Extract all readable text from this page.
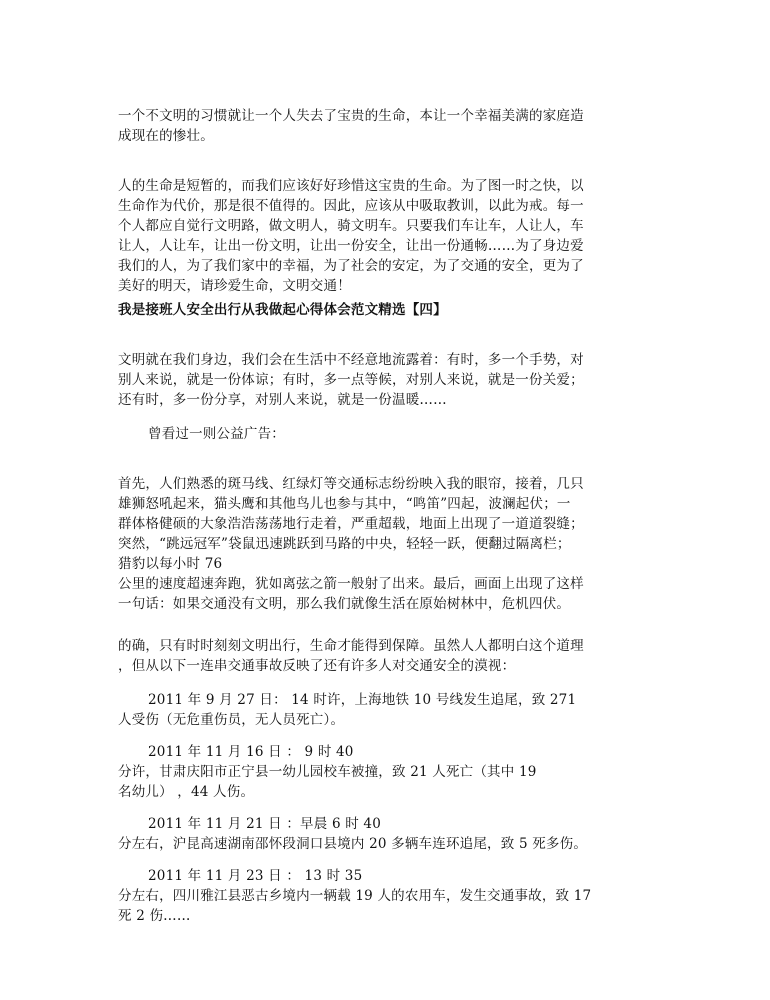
一个不文明的习惯就让一个人失去了宝贵的生命，本让一个幸福美满的家庭造
成现在的惨壮。
人的生命是短暂的，而我们应该好好珍惜这宝贵的生命。为了图一时之快，以
生命作为代价，那是很不值得的。因此，应该从中吸取教训，以此为戒。每一
个人都应自觉行文明路，做文明人，骑文明车。只要我们车让车，人让人，车
让人，人让车，让出一份文明，让出一份安全，让出一份通畅……为了身边爱
我们的人，为了我们家中的幸福，为了社会的安定，为了交通的安全，更为了
美好的明天，请珍爱生命，文明交通！
我是接班人安全出行从我做起心得体会范文精选【四】
文明就在我们身边，我们会在生活中不经意地流露着：有时，多一个手势，对
别人来说，就是一份体谅；有时，多一点等候，对别人来说，就是一份关爱；
还有时，多一份分享，对别人来说，就是一份温暖……
曾看过一则公益广告：
首先，人们熟悉的斑马线、红绿灯等交通标志纷纷映入我的眼帘，接着，几只
雄狮怒吼起来，猫头鹰和其他鸟儿也参与其中，“鸣笛”四起，波澜起伏；一
群体格健硕的大象浩浩荡荡地行走着，严重超载，地面上出现了一道道裂缝；
突然，“跳远冠军”袋鼠迅速跳跃到马路的中央，轻轻一跃，便翻过隔离栏；
猎豹以每小时 76
公里的速度超速奔跑，犹如离弦之箭一般射了出来。最后，画面上出现了这样
一句话：如果交通没有文明，那么我们就像生活在原始树林中，危机四伏。
的确，只有时时刻刻文明出行，生命才能得到保障。虽然人人都明白这个道理
，但从以下一连串交通事故反映了还有许多人对交通安全的漠视：
2011 年 9 月 27 日： 14 时许，上海地铁 10 号线发生追尾，致 271
人受伤（无危重伤员，无人员死亡）。
2011 年 11 月 16 日 ： 9 时 40
分许，甘肃庆阳市正宁县一幼儿园校车被撞，致 21 人死亡（其中 19
名幼儿） ，44 人伤。
2011 年 11 月 21 日 ：早晨 6 时 40
分左右，沪昆高速湖南邵怀段洞口县境内 20 多辆车连环追尾，致 5 死多伤。
2011 年 11 月 23 日 ： 13 时 35
分左右，四川雅江县恶古乡境内一辆载 19 人的农用车，发生交通事故，致 17
死 2 伤……
